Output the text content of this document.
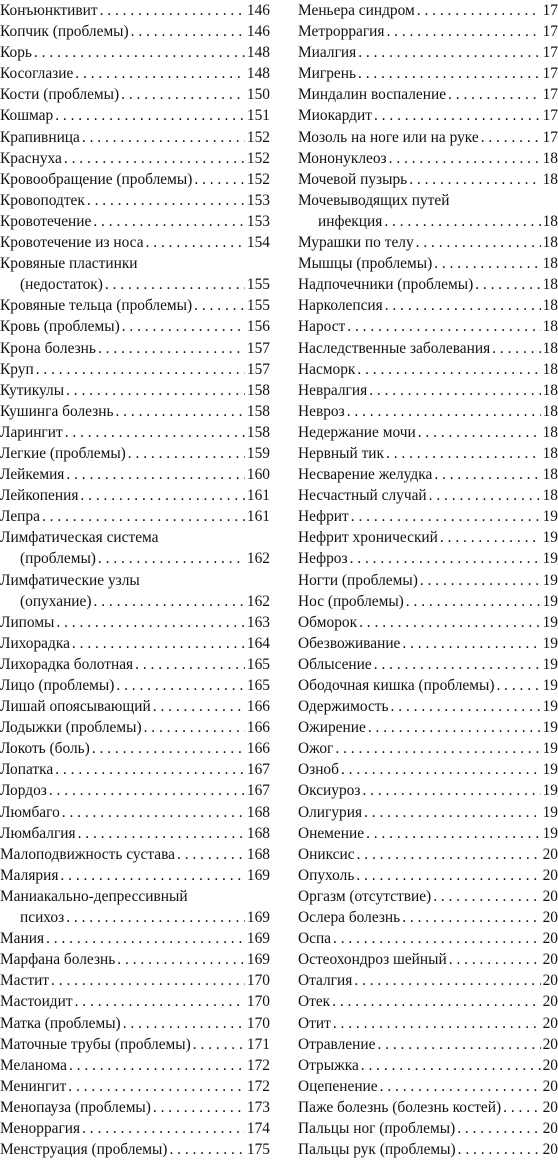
Конъюнктивит . . .	146
Копчик (проблемы) . . .	146
Корь . . .	148
Косоглазие . . .	148
Кости (проблемы) . . .	150
Кошмар . . .	151
Крапивница . . .	152
Краснуха . . .	152
Кровообращение (проблемы) . . .	152
Кровоподтек . . .	153
Кровотечение . . .	153
Кровотечение из носа . . .	154
Кровяные пластинки
(недостаток) . . .	155
Кровяные тельца (проблемы) . . .	155
Кровь (проблемы) . . .	156
Крона болезнь . . .	157
Круп . . .	157
Кутикулы . . .	158
Кушинга болезнь . . .	158
Ларингит . . .	158
Легкие (проблемы) . . .	159
Лейкемия . . .	160
Лейкопения . . .	161
Лепра . . .	161
Лимфатическая система
(проблемы) . . .	162
Лимфатические узлы
(опухание) . . .	162
Липомы . . .	163
Лихорадка . . .	164
Лихорадка болотная . . .	165
Лицо (проблемы) . . .	165
Лишай опоясывающий . . .	166
Лодыжки (проблемы) . . .	166
Локоть (боль) . . .	166
Лопатка . . .	167
Лордоз . . .	167
Люмбаго . . .	168
Люмбалгия . . .	168
Малоподвижность сустава . . .	168
Малярия . . .	169
Маниакально-депрессивный
психоз . . .	169
Мания . . .	169
Марфана болезнь . . .	169
Мастит . . .	170
Мастоидит . . .	170
Матка (проблемы) . . .	170
Маточные трубы (проблемы) . . .	171
Меланома . . .	172
Менингит . . .	172
Менопауза (проблемы) . . .	173
Меноррагия . . .	174
Менструация (проблемы) . . .	175
Меньера синдром . . .	17
Метроррагия . . .	17
Миалгия . . .	17
Мигрень . . .	17
Миндалин воспаление . . .	17
Миокардит . . .	17
Мозоль на ноге или на руке . . .	17
Мононуклеоз . . .	18
Мочевой пузырь . . .	18
Мочевыводящих путей
инфекция . . .	18
Мурашки по телу . . .	18
Мышцы (проблемы) . . .	18
Надпочечники (проблемы) . . .	18
Нарколепсия . . .	18
Нарост . . .	18
Наследственные заболевания . . .	18
Насморк . . .	18
Невралгия . . .	18
Невроз . . .	18
Недержание мочи . . .	18
Нервный тик . . .	18
Несварение желудка . . .	18
Несчастный случай . . .	18
Нефрит . . .	19
Нефрит хронический . . .	19
Нефроз . . .	19
Ногти (проблемы) . . .	19
Нос (проблемы) . . .	19
Обморок . . .	19
Обезвоживание . . .	19
Облысение . . .	19
Ободочная кишка (проблемы) . . .	19
Одержимость . . .	19
Ожирение . . .	19
Ожог . . .	19
Озноб . . .	19
Оксиуроз . . .	19
Олигурия . . .	19
Онемение . . .	19
Ониксис . . .	20
Опухоль . . .	20
Оргазм (отсутствие) . . .	20
Ослера болезнь . . .	20
Оспа . . .	20
Остеохондроз шейный . . .	20
Оталгия . . .	20
Отек . . .	20
Отит . . .	20
Отравление . . .	20
Отрыжка . . .	20
Оцепенение . . .	20
Паже болезнь (болезнь костей) . . .	20
Пальцы ног (проблемы) . . .	20
Пальцы рук (проблемы) . . .	20
